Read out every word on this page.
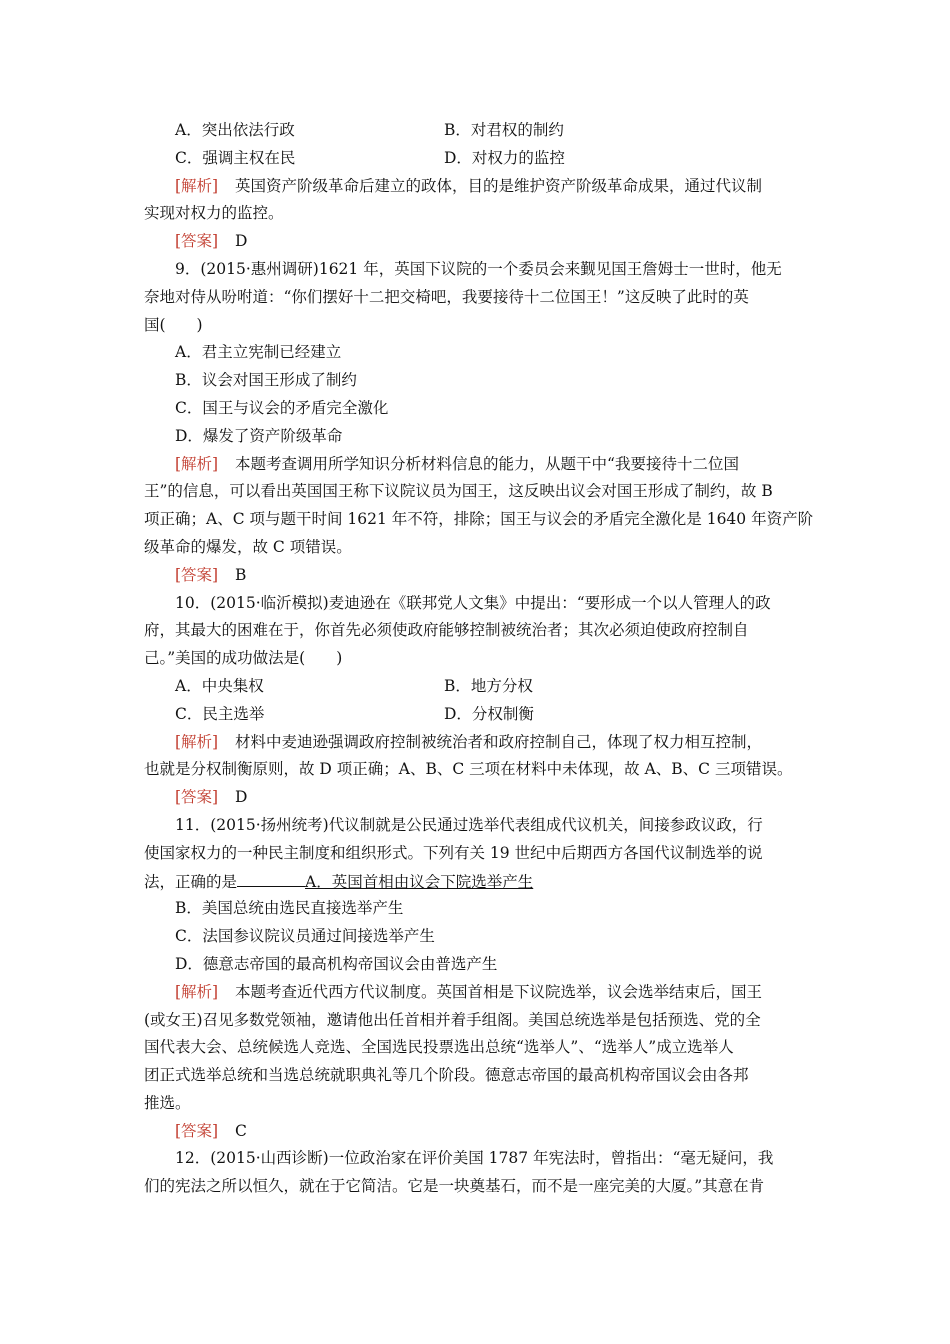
A．突出依法行政	B．对君权的制约
C．强调主权在民	D．对权力的监控
[解析] 英国资产阶级革命后建立的政体，目的是维护资产阶级革命成果，通过代议制
实现对权力的监控。
[答案] D
9．(2015·惠州调研)1621 年，英国下议院的一个委员会来觐见国王詹姆士一世时，他无
奈地对侍从吩咐道：“你们摆好十二把交椅吧，我要接待十二位国王！”这反映了此时的英
国(　　)
A．君主立宪制已经建立
B．议会对国王形成了制约
C．国王与议会的矛盾完全激化
D．爆发了资产阶级革命
[解析] 本题考查调用所学知识分析材料信息的能力，从题干中“我要接待十二位国
王”的信息，可以看出英国国王称下议院议员为国王，这反映出议会对国王形成了制约，故 B
项正确；A、C 项与题干时间 1621 年不符，排除；国王与议会的矛盾完全激化是 1640 年资产阶
级革命的爆发，故 C 项错误。
[答案] B
10．(2015·临沂模拟)麦迪逊在《联邦党人文集》中提出：“要形成一个以人管理人的政
府，其最大的困难在于，你首先必须使政府能够控制被统治者；其次必须迫使政府控制自
己。”美国的成功做法是(　　)
A．中央集权	B．地方分权
C．民主选举	D．分权制衡
[解析] 材料中麦迪逊强调政府控制被统治者和政府控制自己，体现了权力相互控制，
也就是分权制衡原则，故 D 项正确；A、B、C 三项在材料中未体现，故 A、B、C 三项错误。
[答案] D
11．(2015·扬州统考)代议制就是公民通过选举代表组成代议机关，间接参政议政，行
使国家权力的一种民主制度和组织形式。下列有关 19 世纪中后期西方各国代议制选举的说
法，正确的是	A．英国首相由议会下院选举产生
B．美国总统由选民直接选举产生
C．法国参议院议员通过间接选举产生
D．德意志帝国的最高机构帝国议会由普选产生
[解析] 本题考查近代西方代议制度。英国首相是下议院选举，议会选举结束后，国王
(或女王)召见多数党领袖，邀请他出任首相并着手组阁。美国总统选举是包括预选、党的全
国代表大会、总统候选人竞选、全国选民投票选出总统“选举人”、“选举人”成立选举人
团正式选举总统和当选总统就职典礼等几个阶段。德意志帝国的最高机构帝国议会由各邦
推选。
[答案] C
12．(2015·山西诊断)一位政治家在评价美国 1787 年宪法时，曾指出：“毫无疑问，我
们的宪法之所以恒久，就在于它简洁。它是一块奠基石，而不是一座完美的大厦。”其意在肯
